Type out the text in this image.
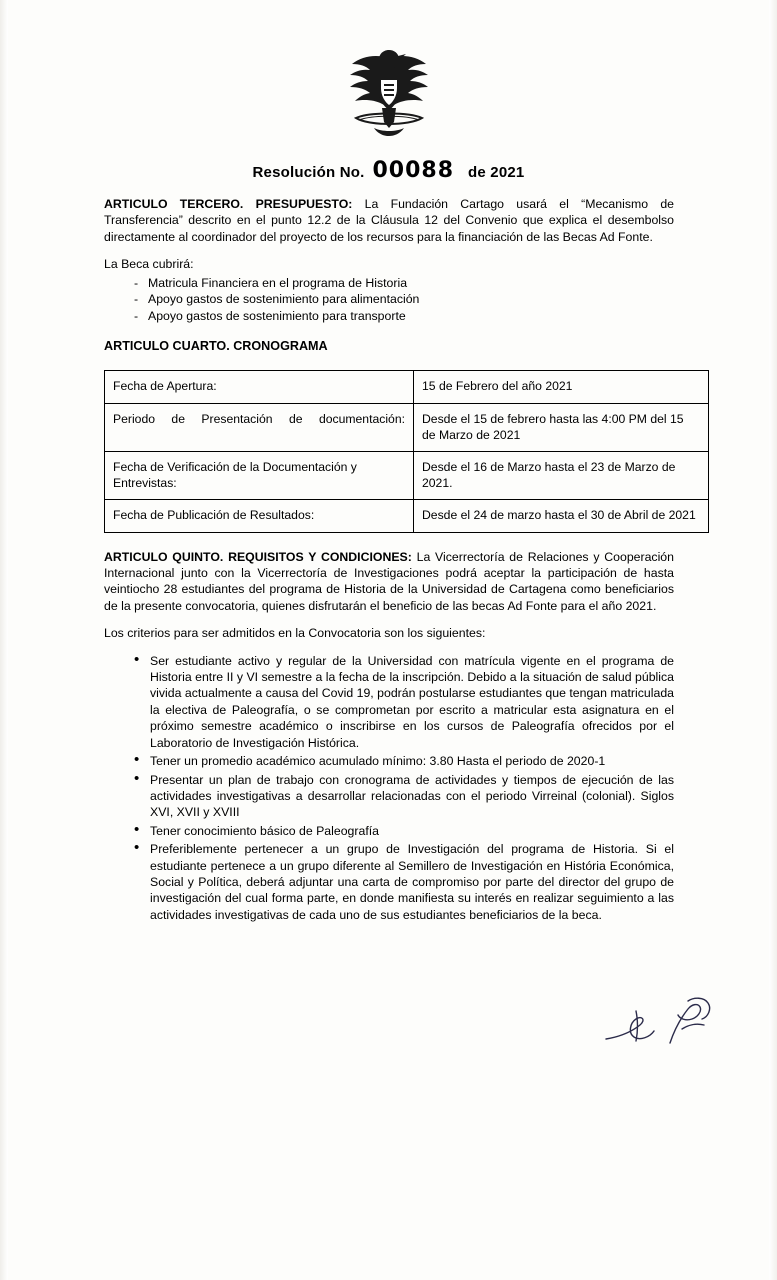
Resolución No. 00088 de 2021

ARTICULO TERCERO. PRESUPUESTO: La Fundación Cartago usará el “Mecanismo de Transferencia” descrito en el punto 12.2 de la Cláusula 12 del Convenio que explica el desembolso directamente al coordinador del proyecto de los recursos para la financiación de las Becas Ad Fonte.

La Beca cubrirá:

- Matricula Financiera en el programa de Historia
- Apoyo gastos de sostenimiento para alimentación
- Apoyo gastos de sostenimiento para transporte
ARTICULO CUARTO. CRONOGRAMA
Fecha de Apertura:	15 de Febrero del año 2021
Periodo de Presentación de documentación:	Desde el 15 de febrero hasta las 4:00 PM del 15 de Marzo de 2021
Fecha de Verificación de la Documentación y Entrevistas:	Desde el 16 de Marzo hasta el 23 de Marzo de 2021.
Fecha de Publicación de Resultados:	Desde el 24 de marzo hasta el 30 de Abril de 2021

ARTICULO QUINTO. REQUISITOS Y CONDICIONES: La Vicerrectoría de Relaciones y Cooperación Internacional junto con la Vicerrectoría de Investigaciones podrá aceptar la participación de hasta veintiocho 28 estudiantes del programa de Historia de la Universidad de Cartagena como beneficiarios de la presente convocatoria, quienes disfrutarán el beneficio de las becas Ad Fonte para el año 2021.

Los criterios para ser admitidos en la Convocatoria son los siguientes:

• Ser estudiante activo y regular de la Universidad con matrícula vigente en el programa de Historia entre II y VI semestre a la fecha de la inscripción. Debido a la situación de salud pública vivida actualmente a causa del Covid 19, podrán postularse estudiantes que tengan matriculada la electiva de Paleografía, o se comprometan por escrito a matricular esta asignatura en el próximo semestre académico o inscribirse en los cursos de Paleografía ofrecidos por el Laboratorio de Investigación Histórica.
• Tener un promedio académico acumulado mínimo: 3.80 Hasta el periodo de 2020-1
• Presentar un plan de trabajo con cronograma de actividades y tiempos de ejecución de las actividades investigativas a desarrollar relacionadas con el periodo Virreinal (colonial). Siglos XVI, XVII y XVIII
• Tener conocimiento básico de Paleografía
• Preferiblemente pertenecer a un grupo de Investigación del programa de Historia. Si el estudiante pertenece a un grupo diferente al Semillero de Investigación en História Económica, Social y Política, deberá adjuntar una carta de compromiso por parte del director del grupo de investigación del cual forma parte, en donde manifiesta su interés en realizar seguimiento a las actividades investigativas de cada uno de sus estudiantes beneficiarios de la beca.
